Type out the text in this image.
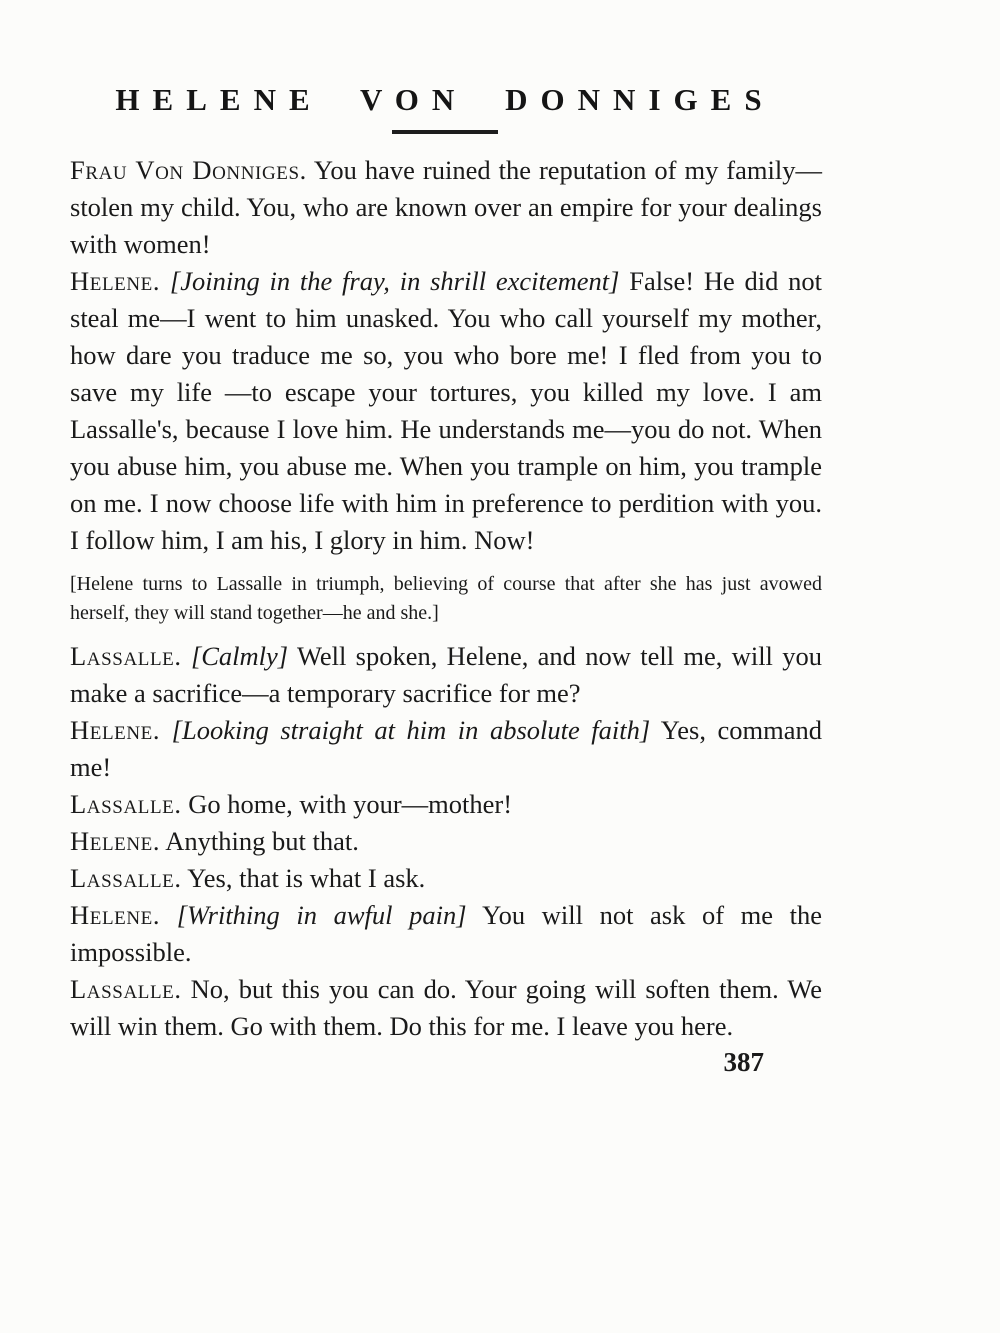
HELENE VON DONNIGES

Frau Von Donniges. You have ruined the reputation of my family—stolen my child. You, who are known over an empire for your dealings with women!

Helene. [Joining in the fray, in shrill excitement] False! He did not steal me—I went to him unasked. You who call yourself my mother, how dare you traduce me so, you who bore me! I fled from you to save my life —to escape your tortures, you killed my love. I am Lassalle's, because I love him. He understands me—you do not. When you abuse him, you abuse me. When you trample on him, you trample on me. I now choose life with him in preference to perdition with you. I follow him, I am his, I glory in him. Now!

[Helene turns to Lassalle in triumph, believing of course that after she has just avowed herself, they will stand together—he and she.]

Lassalle. [Calmly] Well spoken, Helene, and now tell me, will you make a sacrifice—a temporary sacrifice for me?

Helene. [Looking straight at him in absolute faith] Yes, command me!

Lassalle. Go home, with your—mother!

Helene. Anything but that.

Lassalle. Yes, that is what I ask.

Helene. [Writhing in awful pain] You will not ask of me the impossible.

Lassalle. No, but this you can do. Your going will soften them. We will win them. Go with them. Do this for me. I leave you here.

387
